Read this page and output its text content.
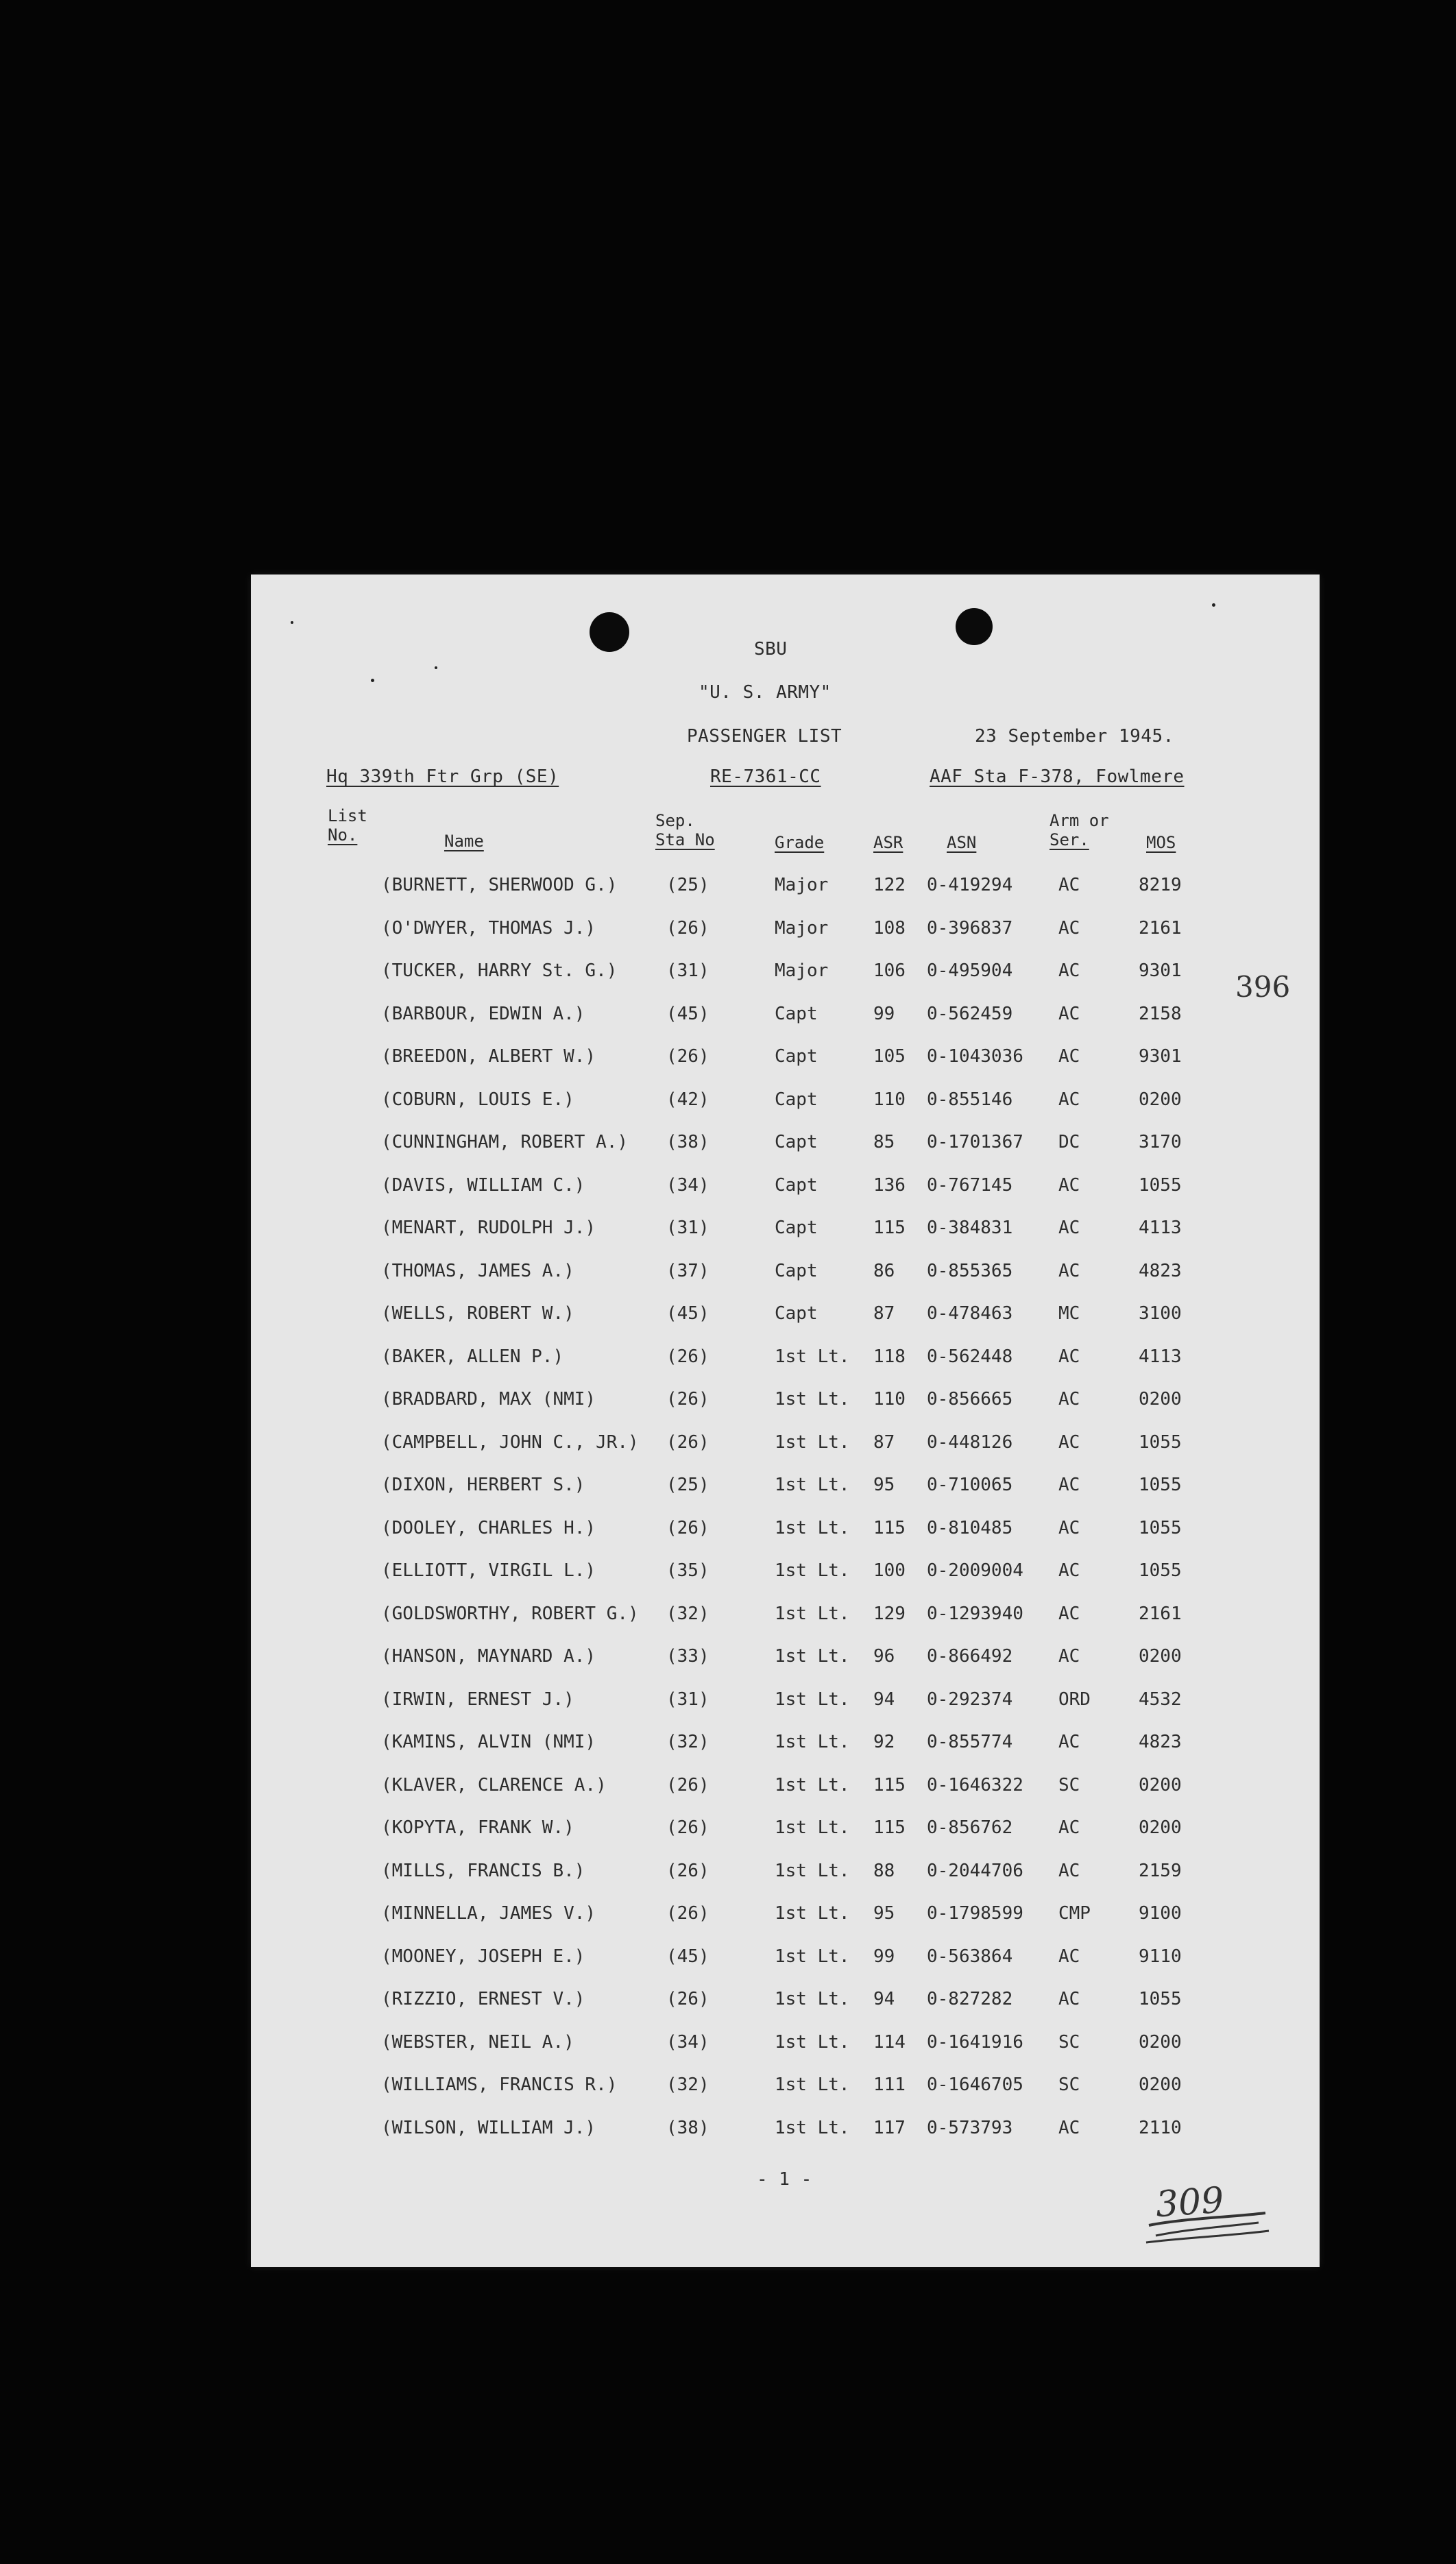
SBU
"U. S. ARMY"
PASSENGER LIST	23 September 1945.
Hq 339th Ftr Grp (SE)	RE-7361-CC	AAF Sta F-378, Fowlmere
List
No.	Name
Sep.
Sta No	Grade	ASR	ASN
Arm or
Ser.	MOS
(BURNETT, SHERWOOD G.)	(25)	Major	122 0-419294	AC	8219
(O'DWYER, THOMAS J.)	(26)	Major	108 0-396837	AC	2161
(TUCKER, HARRY St. G.)	(31)	Major	106 0-495904	AC	9301
(BARBOUR, EDWIN A.)	(45)	Capt	99 0-562459	AC	2158
(BREEDON, ALBERT W.)	(26)	Capt	105 0-1043036 AC	9301
(COBURN, LOUIS E.)	(42)	Capt	110 0-855146	AC	0200
(CUNNINGHAM, ROBERT A.) (38)	Capt	85 0-1701367 DC	3170
(DAVIS, WILLIAM C.)	(34)	Capt	136 0-767145	AC	1055
(MENART, RUDOLPH J.)	(31)	Capt	115 0-384831	AC	4113
(THOMAS, JAMES A.)	(37)	Capt	86 0-855365	AC	4823
(WELLS, ROBERT W.)	(45)	Capt	87 0-478463	MC	3100
(BAKER, ALLEN P.)	(26)	1st Lt. 118 0-562448	AC	4113
(BRADBARD, MAX (NMI)	(26)	1st Lt. 110 0-856665	AC	0200
(CAMPBELL, JOHN C., JR.) (26)	1st Lt. 87 0-448126	AC	1055
(DIXON, HERBERT S.)	(25)	1st Lt. 95 0-710065	AC	1055
(DOOLEY, CHARLES H.)	(26)	1st Lt. 115 0-810485	AC	1055
(ELLIOTT, VIRGIL L.)	(35)	1st Lt. 100 0-2009004 AC	1055
(GOLDSWORTHY, ROBERT G.) (32)	1st Lt. 129 0-1293940 AC	2161
(HANSON, MAYNARD A.)	(33)	1st Lt. 96 0-866492	AC	0200
(IRWIN, ERNEST J.)	(31)	1st Lt. 94 0-292374	ORD	4532
(KAMINS, ALVIN (NMI)	(32)	1st Lt. 92 0-855774	AC	4823
(KLAVER, CLARENCE A.)	(26)	1st Lt. 115 0-1646322 SC	0200
(KOPYTA, FRANK W.)	(26)	1st Lt. 115 0-856762	AC	0200
(MILLS, FRANCIS B.)	(26)	1st Lt. 88 0-2044706 AC	2159
(MINNELLA, JAMES V.)	(26)	1st Lt. 95 0-1798599 CMP	9100
(MOONEY, JOSEPH E.)	(45)	1st Lt. 99 0-563864	AC	9110
(RIZZIO, ERNEST V.)	(26)	1st Lt. 94 0-827282	AC	1055
(WEBSTER, NEIL A.)	(34)	1st Lt. 114 0-1641916 SC	0200
(WILLIAMS, FRANCIS R.)	(32)	1st Lt. 111 0-1646705 SC	0200
(WILSON, WILLIAM J.)	(38)	1st Lt. 117 0-573793	AC	2110
- 1 -
396
309
